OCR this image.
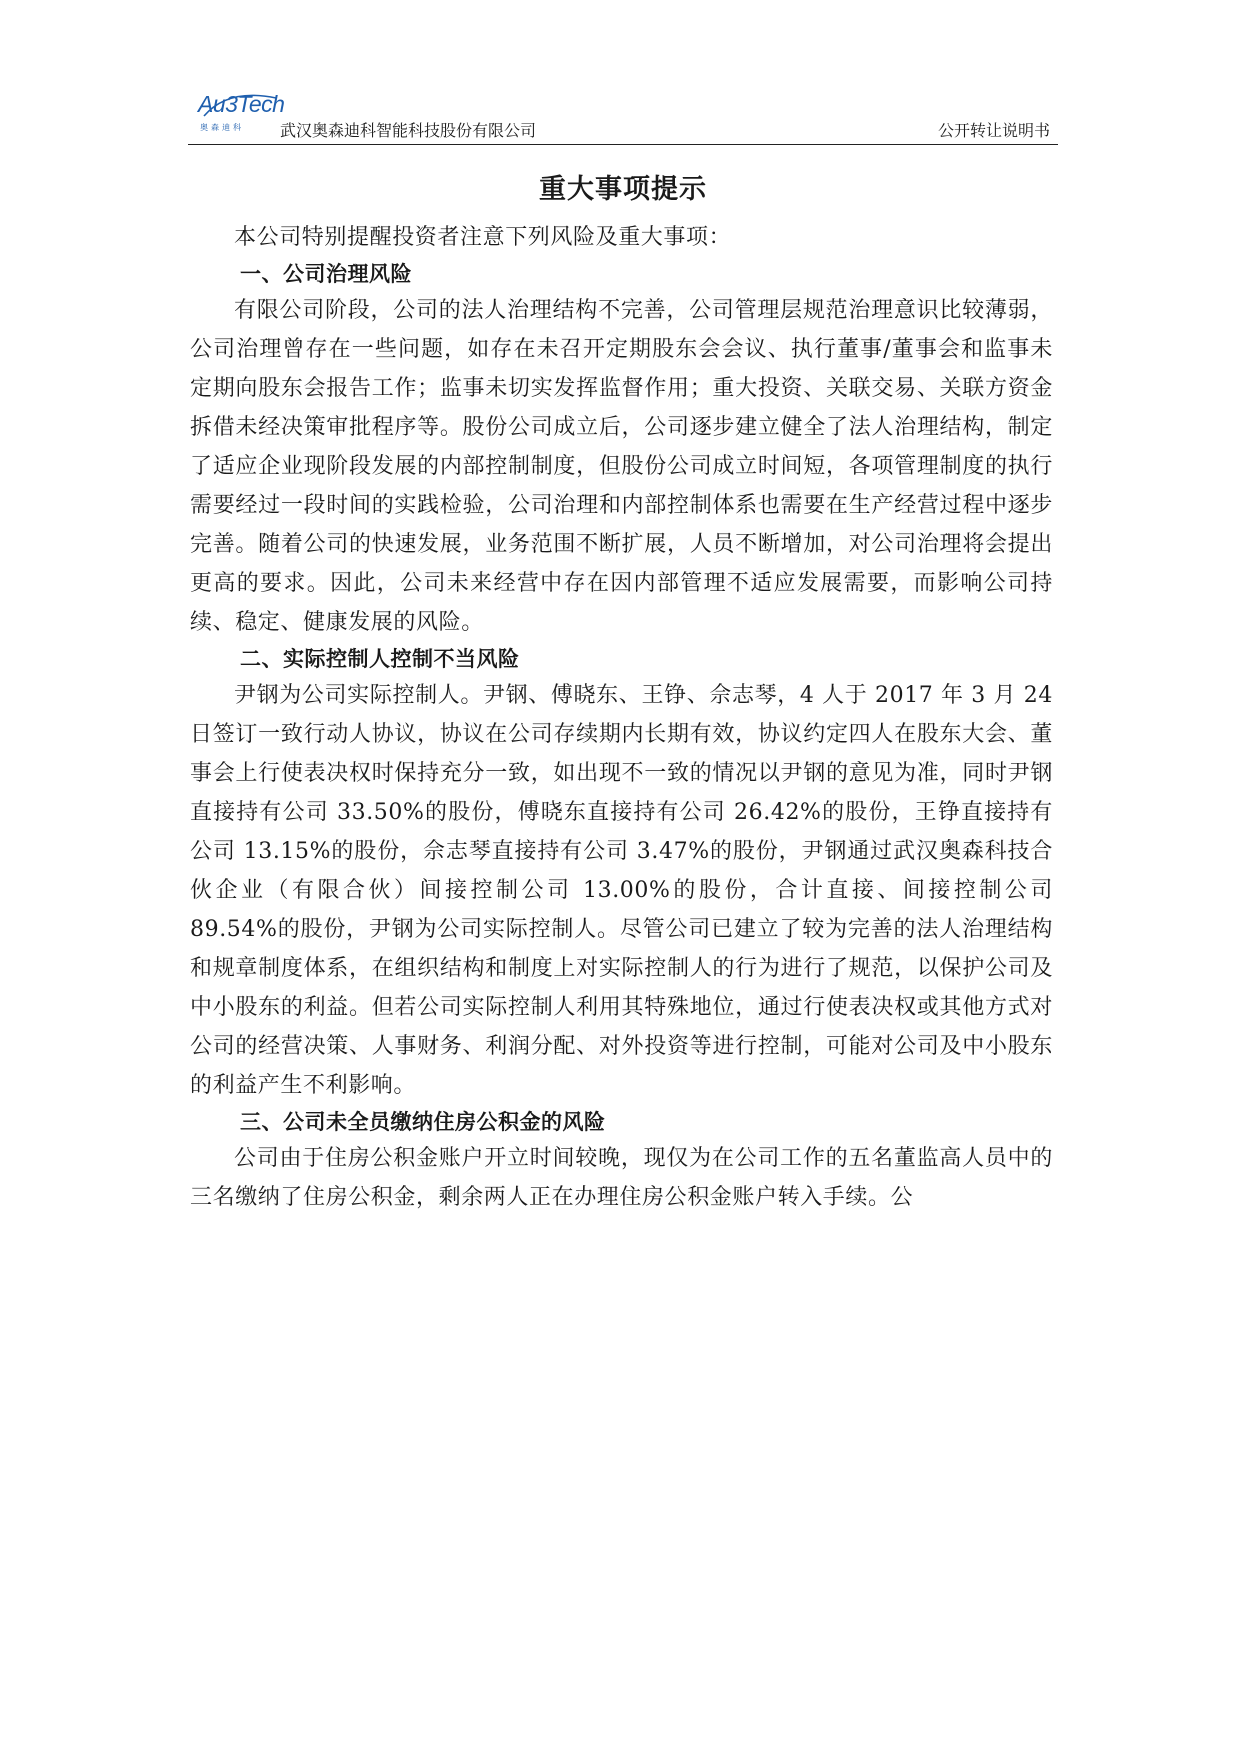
Au3Tech
奥森迪科 武汉奥森迪科智能科技股份有限公司	公开转让说明书
重大事项提示

本公司特别提醒投资者注意下列风险及重大事项：

一、公司治理风险

有限公司阶段，公司的法人治理结构不完善，公司管理层规范治理意识比较薄弱，公司治理曾存在一些问题，如存在未召开定期股东会会议、执行董事/董事会和监事未定期向股东会报告工作；监事未切实发挥监督作用；重大投资、关联交易、关联方资金拆借未经决策审批程序等。股份公司成立后，公司逐步建立健全了法人治理结构，制定了适应企业现阶段发展的内部控制制度，但股份公司成立时间短，各项管理制度的执行需要经过一段时间的实践检验，公司治理和内部控制体系也需要在生产经营过程中逐步完善。随着公司的快速发展，业务范围不断扩展，人员不断增加，对公司治理将会提出更高的要求。因此，公司未来经营中存在因内部管理不适应发展需要，而影响公司持续、稳定、健康发展的风险。

二、实际控制人控制不当风险

尹钢为公司实际控制人。尹钢、傅晓东、王铮、佘志琴，4 人于 2017 年 3 月 24 日签订一致行动人协议，协议在公司存续期内长期有效，协议约定四人在股东大会、董事会上行使表决权时保持充分一致，如出现不一致的情况以尹钢的意见为准，同时尹钢直接持有公司 33.50%的股份，傅晓东直接持有公司 26.42%的股份，王铮直接持有公司 13.15%的股份，佘志琴直接持有公司 3.47%的股份，尹钢通过武汉奥森科技合伙企业（有限合伙）间接控制公司 13.00%的股份，合计直接、间接控制公司 89.54%的股份，尹钢为公司实际控制人。尽管公司已建立了较为完善的法人治理结构和规章制度体系，在组织结构和制度上对实际控制人的行为进行了规范，以保护公司及中小股东的利益。但若公司实际控制人利用其特殊地位，通过行使表决权或其他方式对公司的经营决策、人事财务、利润分配、对外投资等进行控制，可能对公司及中小股东的利益产生不利影响。

三、公司未全员缴纳住房公积金的风险

公司由于住房公积金账户开立时间较晚，现仅为在公司工作的五名董监高人员中的三名缴纳了住房公积金，剩余两人正在办理住房公积金账户转入手续。公
